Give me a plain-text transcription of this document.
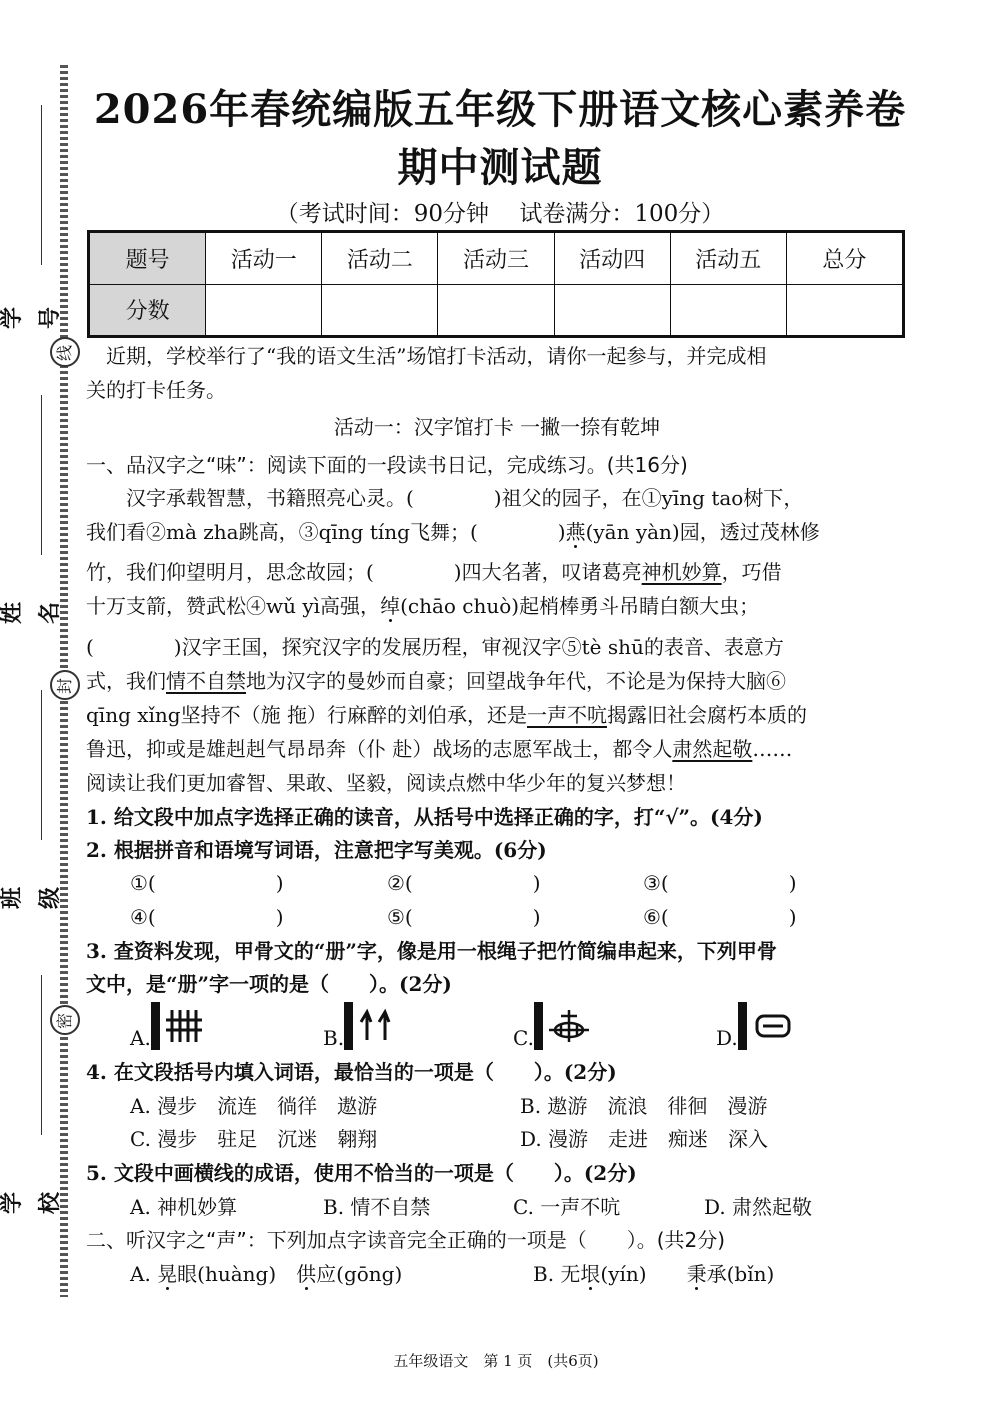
学号
姓名
班级
学校
线
封
密
2026年春统编版五年级下册语文核心素养卷
期中测试题
（考试时间：90分钟　 试卷满分：100分）
题号	活动一	活动二	活动三	活动四	活动五	总分
分数						
　近期，学校举行了“我的语文生活”场馆打卡活动，请你一起参与，并完成相
关的打卡任务。
活动一：汉字馆打卡 一撇一捺有乾坤
一、品汉字之“味”：阅读下面的一段读书日记，完成练习。(共16分)
　　汉字承载智慧，书籍照亮心灵。(　　　　)祖父的园子，在①yīng tao树下，
我们看②mà zha跳高，③qīng tíng飞舞；(　　　　)燕(yān yàn)园，透过茂林修
竹，我们仰望明月，思念故园；(　　　　)四大名著，叹诸葛亮神机妙算，巧借
十万支箭，赞武松④wǔ yì高强，绰(chāo chuò)起梢棒勇斗吊睛白额大虫；
(　　　　)汉字王国，探究汉字的发展历程，审视汉字⑤tè shū的表音、表意方
式，我们情不自禁地为汉字的曼妙而自豪；回望战争年代，不论是为保持大脑⑥
qīng xǐng坚持不（施 拖）行麻醉的刘伯承，还是一声不吭揭露旧社会腐朽本质的
鲁迅，抑或是雄赳赳气昂昂奔（仆 赴）战场的志愿军战士，都令人肃然起敬……
阅读让我们更加睿智、果敢、坚毅，阅读点燃中华少年的复兴梦想！
1. 给文段中加点字选择正确的读音，从括号中选择正确的字，打“√”。(4分)
2. 根据拼音和语境写词语，注意把字写美观。(6分)
①(　　　　　　)	②(　　　　　　)	③(　　　　　　)
④(　　　　　　)	⑤(　　　　　　)	⑥(　　　　　　)
3. 查资料发现，甲骨文的“册”字，像是用一根绳子把竹简编串起来，下列甲骨
文中，是“册”字一项的是（　　）。(2分)
A.	B.	C.	D.
4. 在文段括号内填入词语，最恰当的一项是（　　）。(2分)
A. 漫步　流连　徜徉　遨游	B. 遨游　流浪　徘徊　漫游
C. 漫步　驻足　沉迷　翱翔	D. 漫游　走进　痴迷　深入
5. 文段中画横线的成语，使用不恰当的一项是（　　）。(2分)
A. 神机妙算	B. 情不自禁	C. 一声不吭	D. 肃然起敬
二、听汉字之“声”：下列加点字读音完全正确的一项是（　　）。(共2分)
A. 晃眼(huàng)　供应(gōng)	B. 无垠(yín)　　秉承(bǐn)
五年级语文　第 1 页　(共6页)
